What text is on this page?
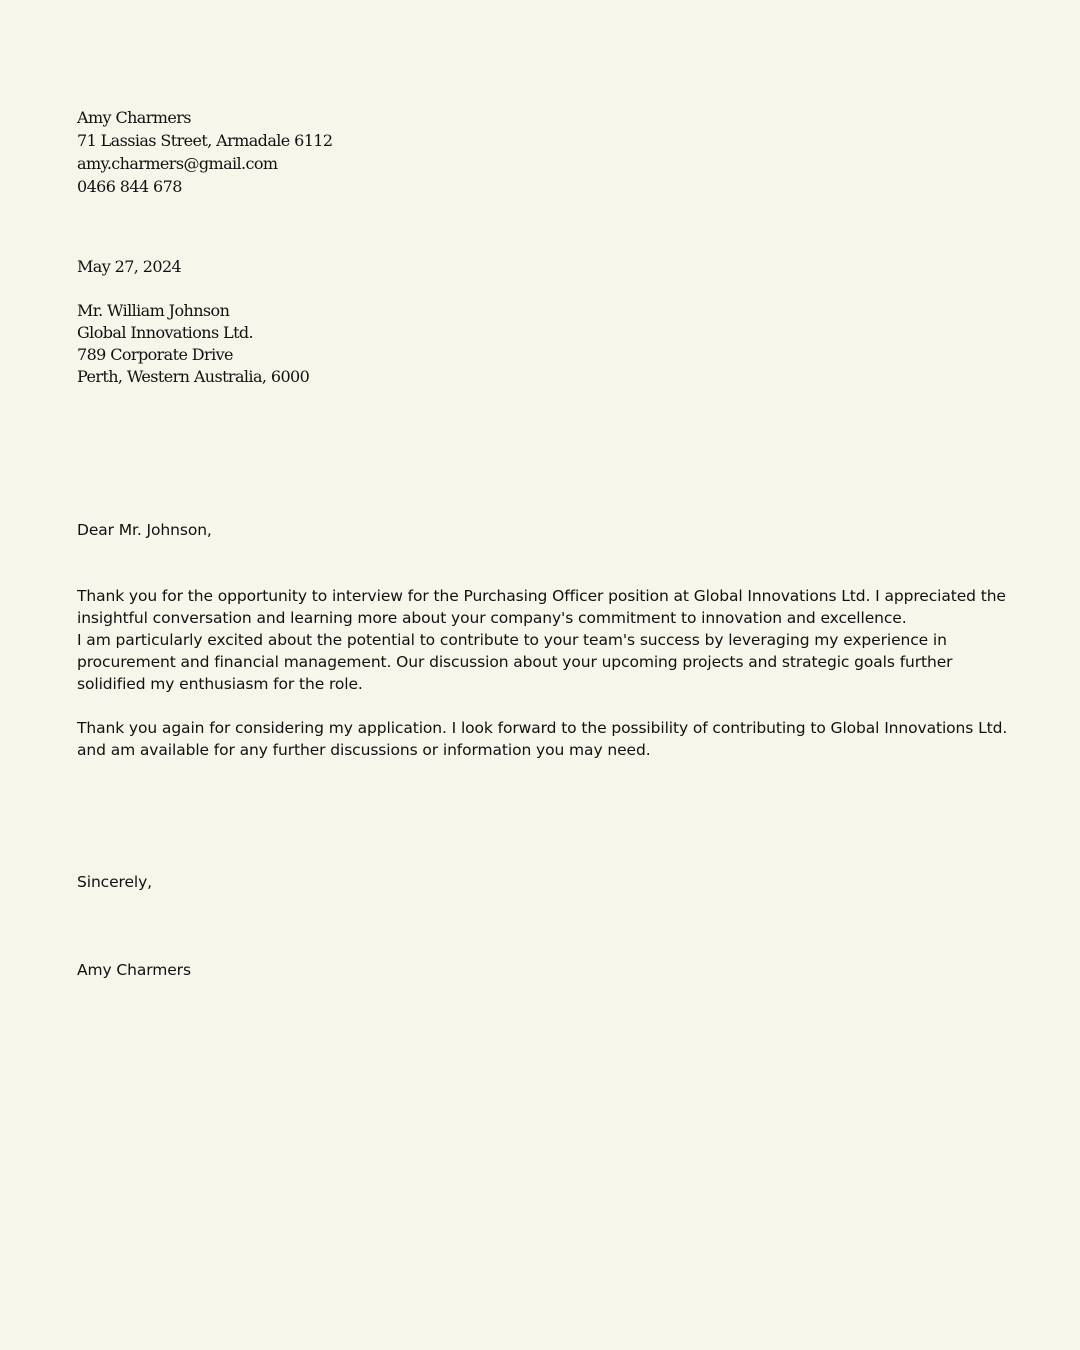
Amy Charmers
71 Lassias Street, Armadale 6112
amy.charmers@gmail.com
0466 844 678
May 27, 2024
Mr. William Johnson
Global Innovations Ltd.
789 Corporate Drive
Perth, Western Australia, 6000
Dear Mr. Johnson,

Thank you for the opportunity to interview for the Purchasing Officer position at Global Innovations Ltd. I appreciated the insightful conversation and learning more about your company's commitment to innovation and excellence.

I am particularly excited about the potential to contribute to your team's success by leveraging my experience in procurement and financial management. Our discussion about your upcoming projects and strategic goals further solidified my enthusiasm for the role.

Thank you again for considering my application. I look forward to the possibility of contributing to Global Innovations Ltd. and am available for any further discussions or information you may need.

Sincerely,
Amy Charmers
